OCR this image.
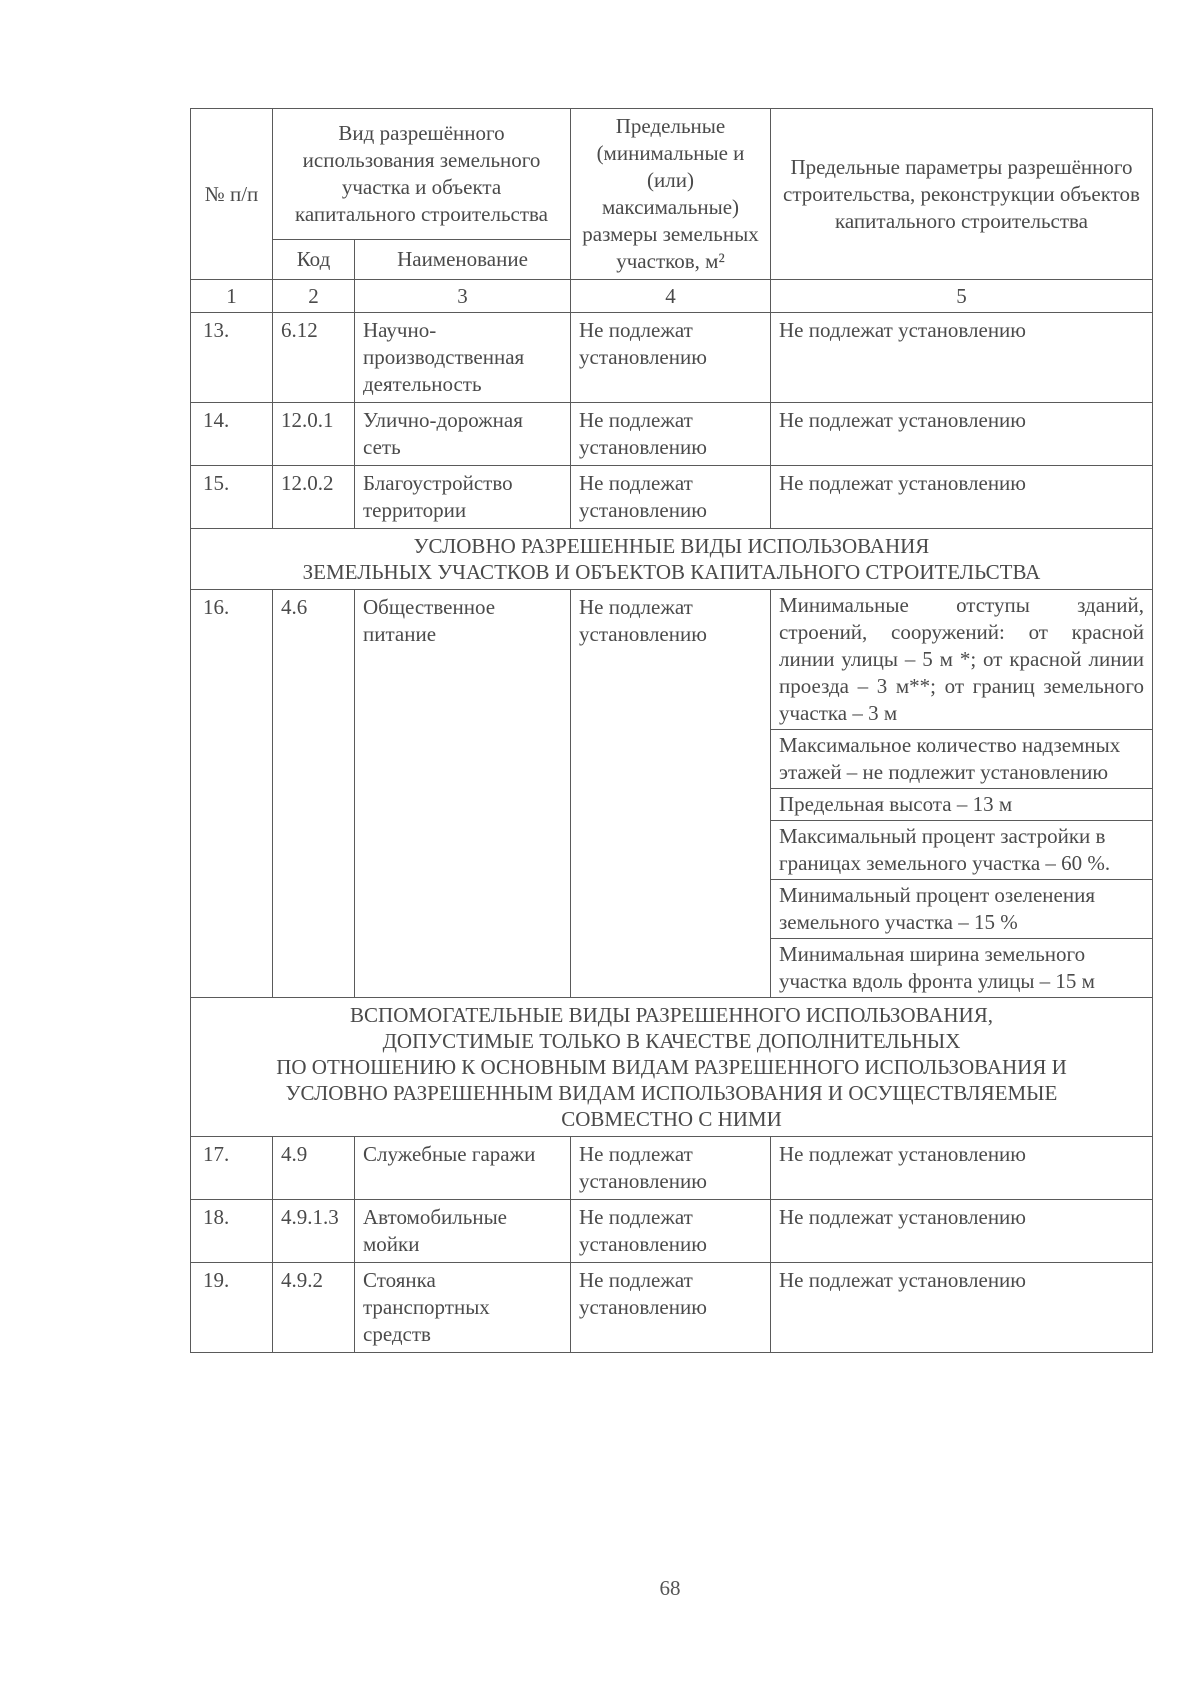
№ п/п	Вид разрешённого использования земельного участка и объекта капитального строительства		Предельные (минимальные и (или) максимальные) размеры земельных участков, м²	Предельные параметры разрешённого строительства, реконструкции объектов капитального строительства
	Код	Наименование		
1	2	3	4	5
13.	6.12	Научно-производственная деятельность	Не подлежат установлению	Не подлежат установлению
14.	12.0.1	Улично-дорожная сеть	Не подлежат установлению	Не подлежат установлению
15.	12.0.2	Благоустройство территории	Не подлежат установлению	Не подлежат установлению
УСЛОВНО РАЗРЕШЕННЫЕ ВИДЫ ИСПОЛЬЗОВАНИЯ
ЗЕМЕЛЬНЫХ УЧАСТКОВ И ОБЪЕКТОВ КАПИТАЛЬНОГО СТРОИТЕЛЬСТВА				
16.	4.6	Общественное питание	Не подлежат установлению	Минимальные отступы зданий, строений, сооружений: от красной линии улицы – 5 м *; от красной линии проезда – 3 м**; от границ земельного участка – 3 м
				Максимальное количество надземных этажей – не подлежит установлению
				Предельная высота – 13 м
				Максимальный процент застройки в границах земельного участка – 60 %.
				Минимальный процент озеленения земельного участка – 15 %
				Минимальная ширина земельного участка вдоль фронта улицы – 15 м
ВСПОМОГАТЕЛЬНЫЕ ВИДЫ РАЗРЕШЕННОГО ИСПОЛЬЗОВАНИЯ,
ДОПУСТИМЫЕ ТОЛЬКО В КАЧЕСТВЕ ДОПОЛНИТЕЛЬНЫХ
ПО ОТНОШЕНИЮ К ОСНОВНЫМ ВИДАМ РАЗРЕШЕННОГО ИСПОЛЬЗОВАНИЯ И
УСЛОВНО РАЗРЕШЕННЫМ ВИДАМ ИСПОЛЬЗОВАНИЯ И ОСУЩЕСТВЛЯЕМЫЕ
СОВМЕСТНО С НИМИ				
17.	4.9	Служебные гаражи	Не подлежат установлению	Не подлежат установлению
18.	4.9.1.3	Автомобильные мойки	Не подлежат установлению	Не подлежат установлению
19.	4.9.2	Стоянка транспортных средств	Не подлежат установлению	Не подлежат установлению
68
